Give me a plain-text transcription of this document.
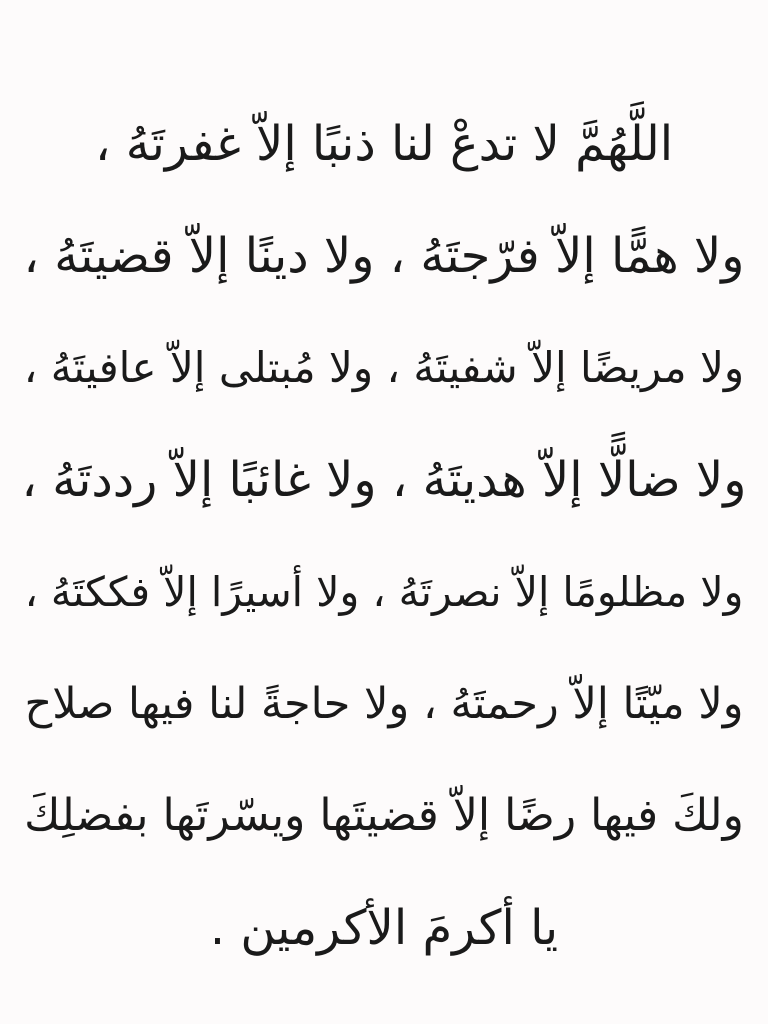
اللَّهُمَّ لا تدعْ لنا ذنبًا إلاّ غفرتَهُ ،
ولا همًّا إلاّ فرّجتَهُ ، ولا دينًا إلاّ قضيتَهُ ،
ولا مريضًا إلاّ شفيتَهُ ، ولا مُبتلى إلاّ عافيتَهُ ،
ولا ضالًّا إلاّ هديتَهُ ، ولا غائبًا إلاّ رددتَهُ ،
ولا مظلومًا إلاّ نصرتَهُ ، ولا أسيرًا إلاّ فككتَهُ ،
ولا ميّتًا إلاّ رحمتَهُ ، ولا حاجةً لنا فيها صلاح
ولكَ فيها رضًا إلاّ قضيتَها ويسّرتَها بفضلِكَ
يا أكرمَ الأكرمين .
